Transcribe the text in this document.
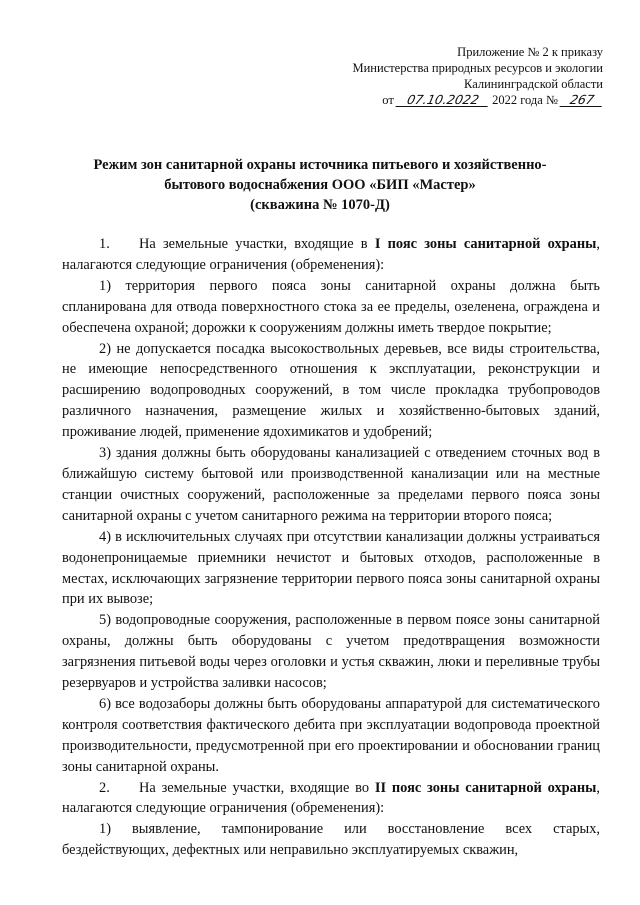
Приложение № 2 к приказу
Министерства природных ресурсов и экологии
Калининградской области
от 07.10.2022 2022 года № 267
Режим зон санитарной охраны источника питьевого и хозяйственно-
бытового водоснабжения ООО «БИП «Мастер»
(скважина № 1070-Д)

1. На земельные участки, входящие в I пояс зоны санитарной охраны, налагаются следующие ограничения (обременения):

1) территория первого пояса зоны санитарной охраны должна быть спланирована для отвода поверхностного стока за ее пределы, озеленена, ограждена и обеспечена охраной; дорожки к сооружениям должны иметь твердое покрытие;

2) не допускается посадка высокоствольных деревьев, все виды строительства, не имеющие непосредственного отношения к эксплуатации, реконструкции и расширению водопроводных сооружений, в том числе прокладка трубопроводов различного назначения, размещение жилых и хозяйственно-бытовых зданий, проживание людей, применение ядохимикатов и удобрений;

3) здания должны быть оборудованы канализацией с отведением сточных вод в ближайшую систему бытовой или производственной канализации или на местные станции очистных сооружений, расположенные за пределами первого пояса зоны санитарной охраны с учетом санитарного режима на территории второго пояса;

4) в исключительных случаях при отсутствии канализации должны устраиваться водонепроницаемые приемники нечистот и бытовых отходов, расположенные в местах, исключающих загрязнение территории первого пояса зоны санитарной охраны при их вывозе;

5) водопроводные сооружения, расположенные в первом поясе зоны санитарной охраны, должны быть оборудованы с учетом предотвращения возможности загрязнения питьевой воды через оголовки и устья скважин, люки и переливные трубы резервуаров и устройства заливки насосов;

6) все водозаборы должны быть оборудованы аппаратурой для систематического контроля соответствия фактического дебита при эксплуатации водопровода проектной производительности, предусмотренной при его проектировании и обосновании границ зоны санитарной охраны.

2. На земельные участки, входящие во II пояс зоны санитарной охраны, налагаются следующие ограничения (обременения):

1) выявление, тампонирование или восстановление всех старых, бездействующих, дефектных или неправильно эксплуатируемых скважин,
